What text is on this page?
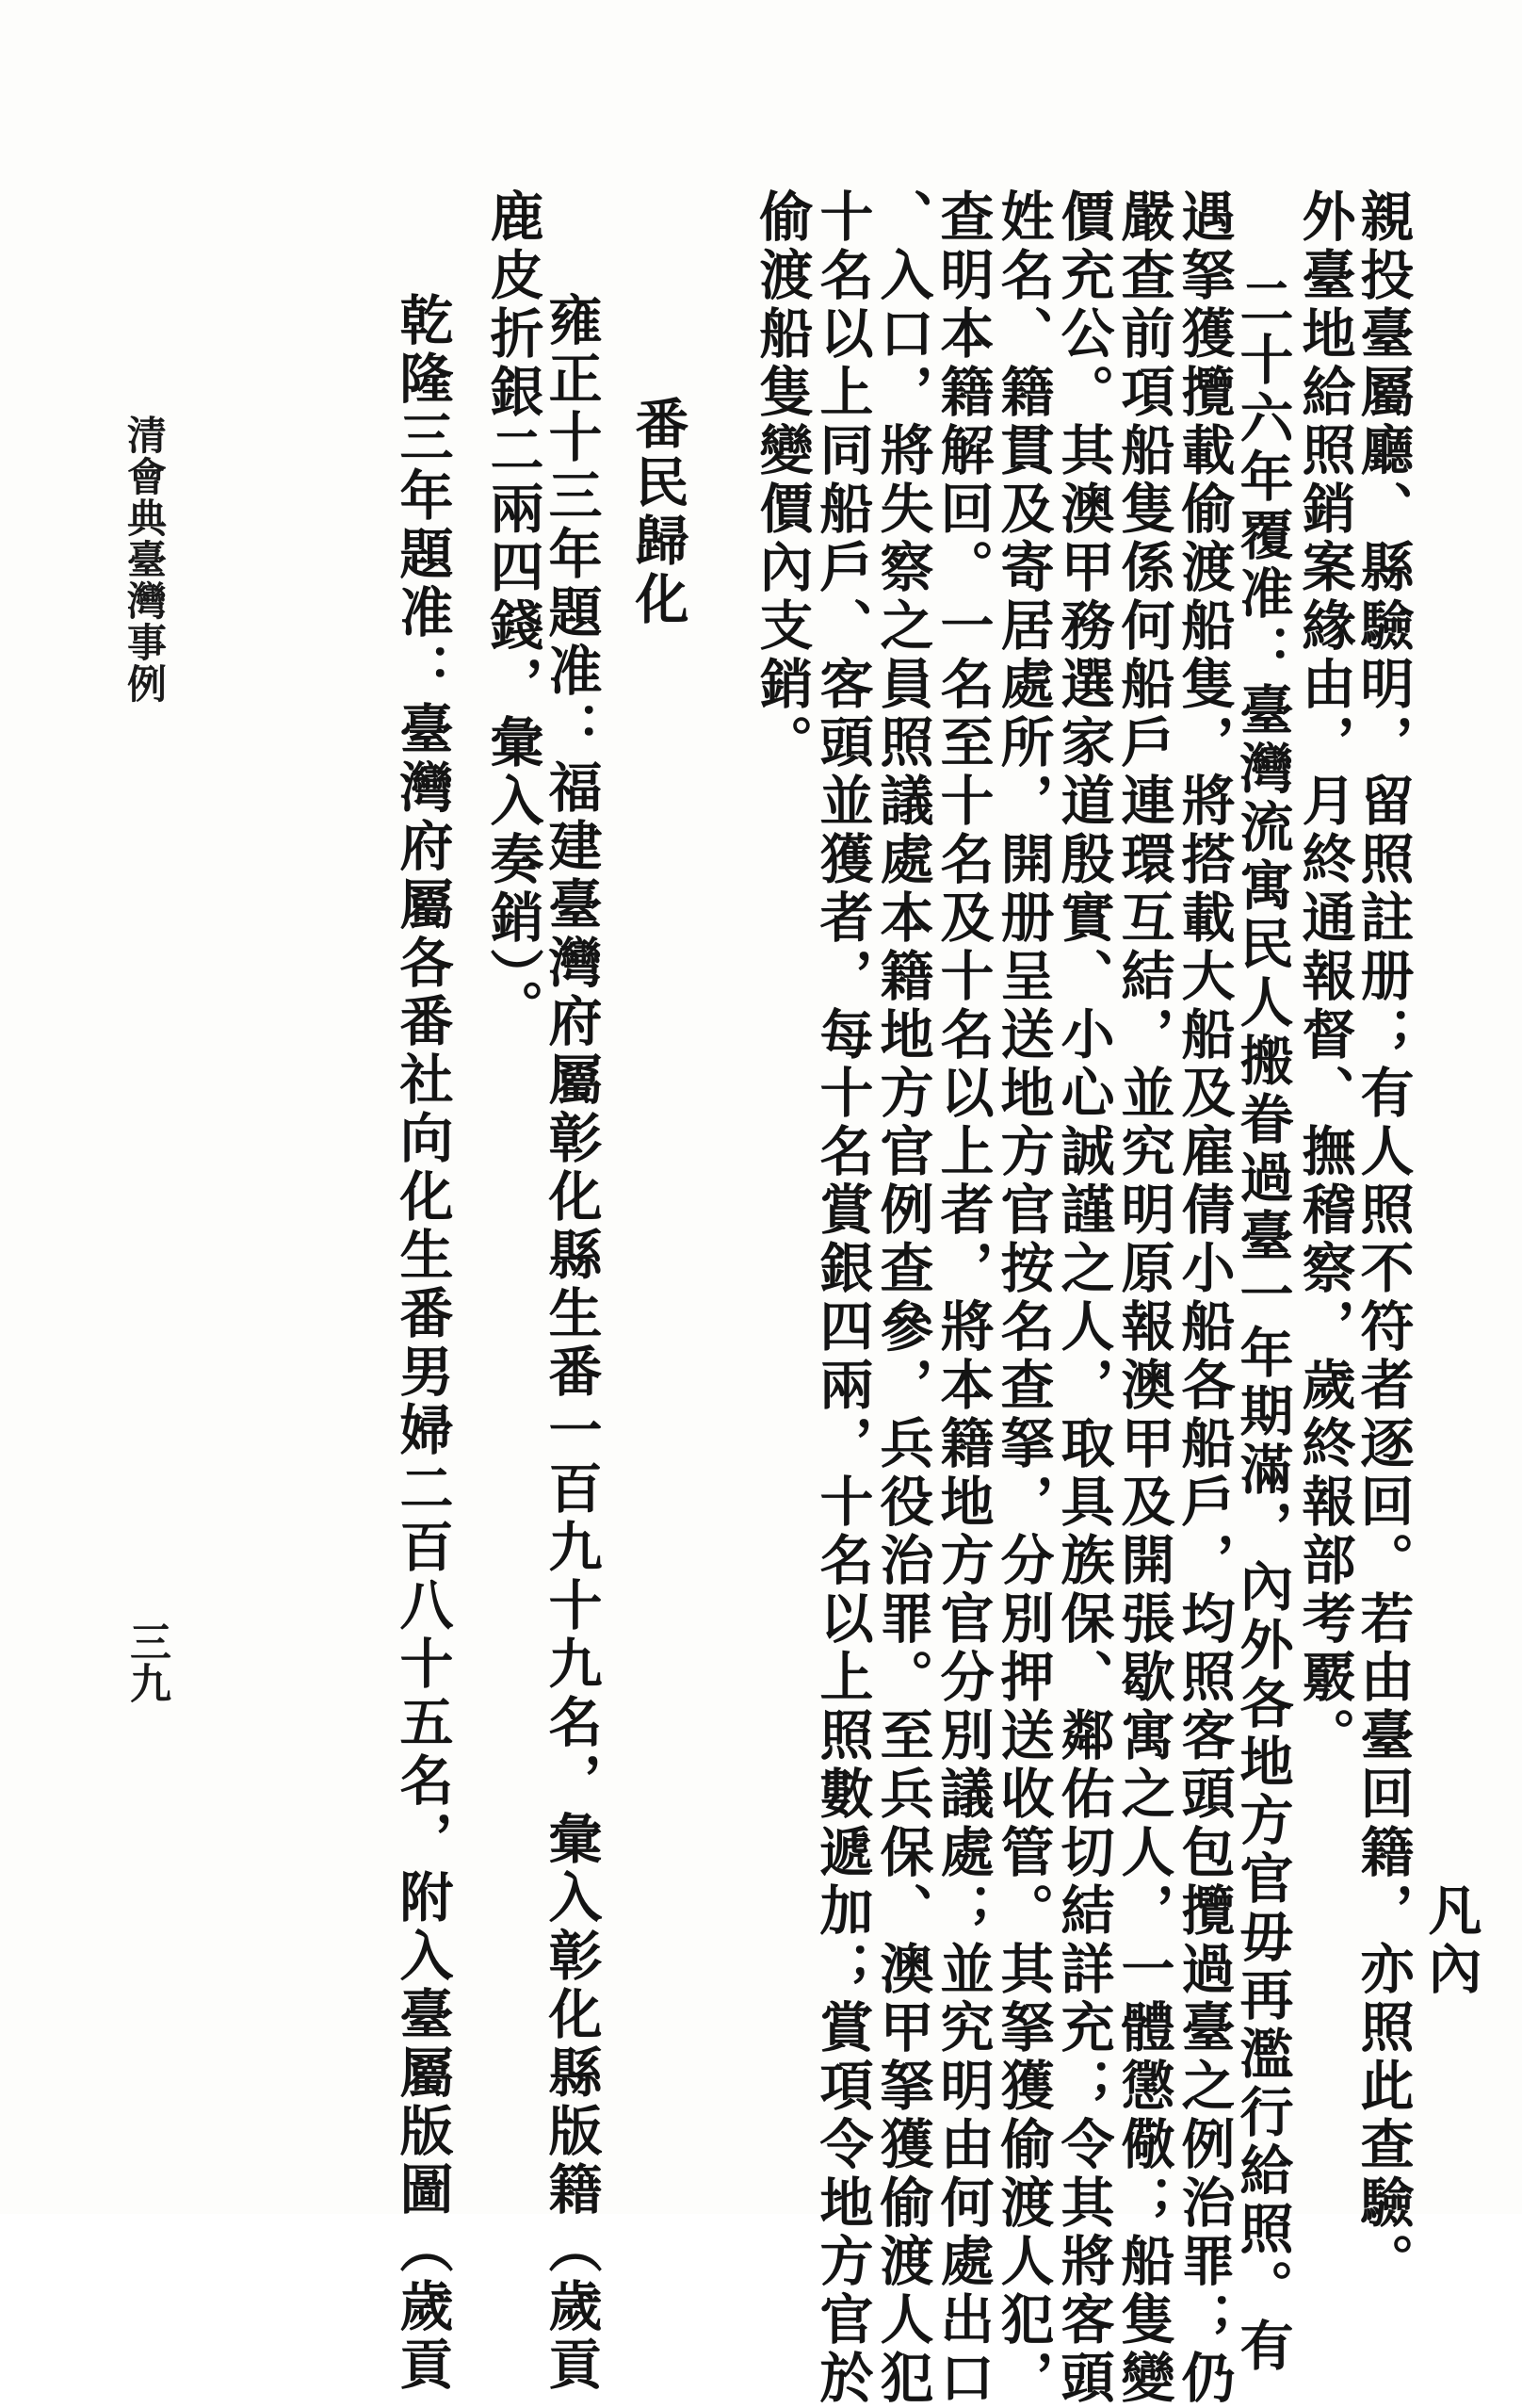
凡內
親投臺屬廳、縣驗明，留照註册；有人照不符者逐回。若由臺回籍，亦照此查驗。
外臺地給照銷案緣由，月終通報督、撫稽察，歲終報部考覈。
二十六年覆准：臺灣流寓民人搬眷過臺一年期滿，內外各地方官毋再濫行給照。有
遇拏獲攬載偷渡船隻，將搭載大船及雇倩小船各船戶，均照客頭包攬過臺之例治罪；仍
嚴查前項船隻係何船戶連環互結，並究明原報澳甲及開張歇寓之人，一體懲儆；船隻變
價充公。其澳甲務選家道殷實、小心誠謹之人，取具族保、鄰佑切結詳充；令其將客頭
姓名、籍貫及寄居處所，開册呈送地方官按名查拏，分別押送收管。其拏獲偷渡人犯，
查明本籍解回。一名至十名及十名以上者，將本籍地方官分別議處；並究明由何處出口
、入口，將失察之員照議處本籍地方官例查參，兵役治罪。至兵保、澳甲拏獲偷渡人犯
十名以上同船戶、客頭並獲者，每十名賞銀四兩，十名以上照數遞加；賞項令地方官於
偷渡船隻變價內支銷。
番民歸化
雍正十三年題准：福建臺灣府屬彰化縣生番一百九十九名，彙入彰化縣版籍（歲貢
鹿皮折銀二兩四錢，彙入奏銷）。
乾隆三年題准：臺灣府屬各番社向化生番男婦二百八十五名，附入臺屬版圖（歲貢
清會典臺灣事例
三九
